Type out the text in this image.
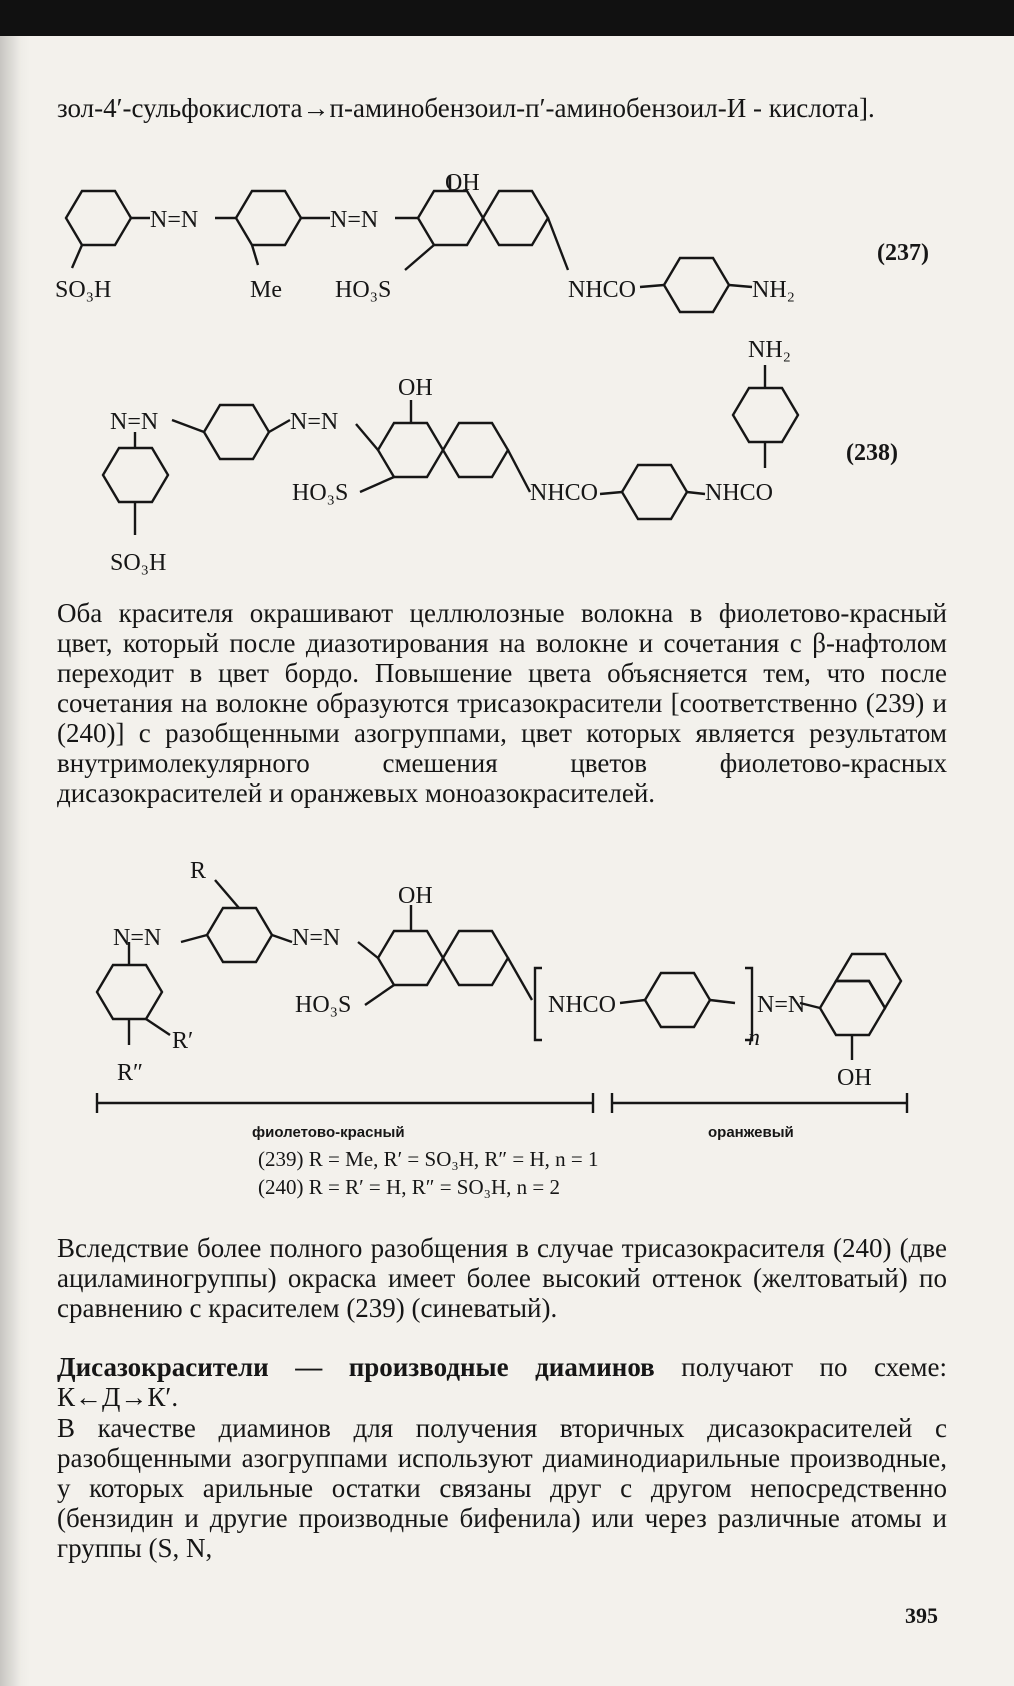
зол-4′-сульфокислота→п-аминобензоил-п′-аминобензоил-И - кислота].

OH
N=N	N=N
SO₃H	Me HO₃S	NHCO	NH₂
(237)
NH₂
OH
N=N	N=N
HO₃S	NHCO	NHCO
SO₃H
(238)
R
OH
N=N	N=N
HO₃S	NHCO	N=N
n
R′
R″	OH

Оба красителя окрашивают целлюлозные волокна в фиолетово-красный цвет, который после диазотирования на волокне и сочетания с β-нафтолом переходит в цвет бордо. Повышение цвета объясняется тем, что после сочетания на волокне образуются трисазокрасители [соответственно (239) и (240)] с разобщенными азогруппами, цвет которых является результатом внутримолекулярного смешения цветов фиолетово-красных дисазокрасителей и оранжевых моноазокрасителей.

фиолетово-красный	оранжевый

(239) R = Me, R′ = SO₃H, R″ = H, n = 1

(240) R = R′ = H, R″ = SO₃H, n = 2

Вследствие более полного разобщения в случае трисазокрасителя (240) (две ациламиногруппы) окраска имеет более высокий оттенок (желтоватый) по сравнению с красителем (239) (синеватый).

Дисазокрасители — производные диаминов получают по схеме: К←Д→К′.

В качестве диаминов для получения вторичных дисазокрасителей с разобщенными азогруппами используют диаминодиарильные производные, у которых арильные остатки связаны друг с другом непосредственно (бензидин и другие производные бифенила) или через различные атомы и группы (S, N,

395
